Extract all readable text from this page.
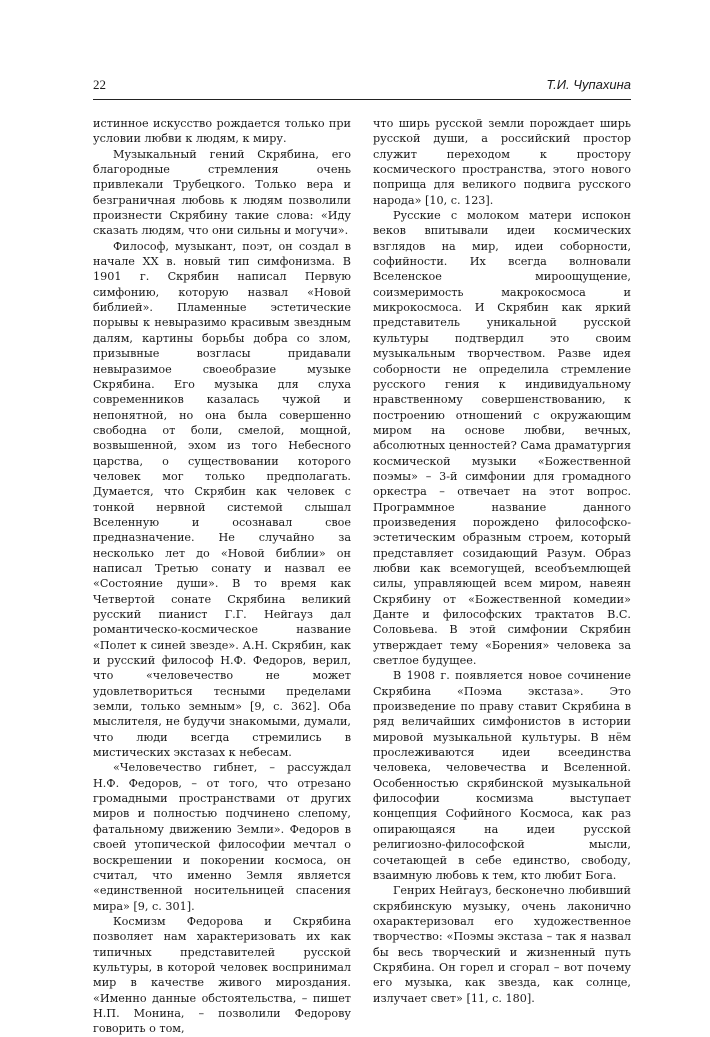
22	Т.И. Чупахина

истинное искусство рождается только при условии любви к людям, к миру.

Музыкальный гений Скрябина, его благородные стремления очень привлекали Трубецкого. Только вера и безграничная любовь к людям позволили произнести Скрябину такие слова: «Иду сказать людям, что они сильны и могучи».

Философ, музыкант, поэт, он создал в начале XX в. новый тип симфонизма. В 1901 г. Скрябин написал Первую симфонию, которую назвал «Новой библией». Пламенные эстетические порывы к невыразимо красивым звездным далям, картины борьбы добра со злом, призывные возгласы придавали невыразимое своеобразие музыке Скрябина. Его музыка для слуха современников казалась чужой и непонятной, но она была совершенно свободна от боли, смелой, мощной, возвышенной, эхом из того Небесного царства, о существовании которого человек мог только предполагать. Думается, что Скрябин как человек с тонкой нервной системой слышал Вселенную и осознавал свое предназначение. Не случайно за несколько лет до «Новой библии» он написал Третью сонату и назвал ее «Состояние души». В то время как Четвертой сонате Скрябина великий русский пианист Г.Г. Нейгауз дал романтическо-космическое название «Полет к синей звезде». А.Н. Скрябин, как и русский философ Н.Ф. Федоров, верил, что «человечество не может удовлетвориться тесными пределами земли, только земным» [9, с. 362]. Оба мыслителя, не будучи знакомыми, думали, что люди всегда стремились в мистических экстазах к небесам.

«Человечество гибнет, – рассуждал Н.Ф. Федоров, – от того, что отрезано громадными пространствами от других миров и полностью подчинено слепому, фатальному движению Земли». Федоров в своей утопической философии мечтал о воскрешении и покорении космоса, он считал, что именно Земля является «единственной носительницей спасения мира» [9, с. 301].

Космизм Федорова и Скрябина позволяет нам характеризовать их как типичных представителей русской культуры, в которой человек воспринимал мир в качестве живого мироздания. «Именно данные обстоятельства, – пишет Н.П. Монина, – позволили Федорову говорить о том,

что ширь русской земли порождает ширь русской души, а российский простор служит переходом к простору космического пространства, этого нового поприща для великого подвига русского народа» [10, с. 123].

Русские с молоком матери испокон веков впитывали идеи космических взглядов на мир, идеи соборности, софийности. Их всегда волновали Вселенское мироощущение, соизмеримость макрокосмоса и микрокосмоса. И Скрябин как яркий представитель уникальной русской культуры подтвердил это своим музыкальным творчеством. Разве идея соборности не определила стремление русского гения к индивидуальному нравственному совершенствованию, к построению отношений с окружающим миром на основе любви, вечных, абсолютных ценностей? Сама драматургия космической музыки «Божественной поэмы» – 3-й симфонии для громадного оркестра – отвечает на этот вопрос. Программное название данного произведения порождено философско-эстетическим образным строем, который представляет созидающий Разум. Образ любви как всемогущей, всеобъемлющей силы, управляющей всем миром, навеян Скрябину от «Божественной комедии» Данте и философских трактатов В.С. Соловьева. В этой симфонии Скрябин утверждает тему «Борения» человека за светлое будущее.

В 1908 г. появляется новое сочинение Скрябина «Поэма экстаза». Это произведение по праву ставит Скрябина в ряд величайших симфонистов в истории мировой музыкальной культуры. В нём прослеживаются идеи всеединства человека, человечества и Вселенной. Особенностью скрябинской музыкальной философии космизма выступает концепция Софийного Космоса, как раз опирающаяся на идеи русской религиозно-философской мысли, сочетающей в себе единство, свободу, взаимную любовь к тем, кто любит Бога.

Генрих Нейгауз, бесконечно любивший скрябинскую музыку, очень лаконично охарактеризовал его художественное творчество: «Поэмы экстаза – так я назвал бы весь творческий и жизненный путь Скрябина. Он горел и сгорал – вот почему его музыка, как звезда, как солнце, излучает свет» [11, с. 180].
